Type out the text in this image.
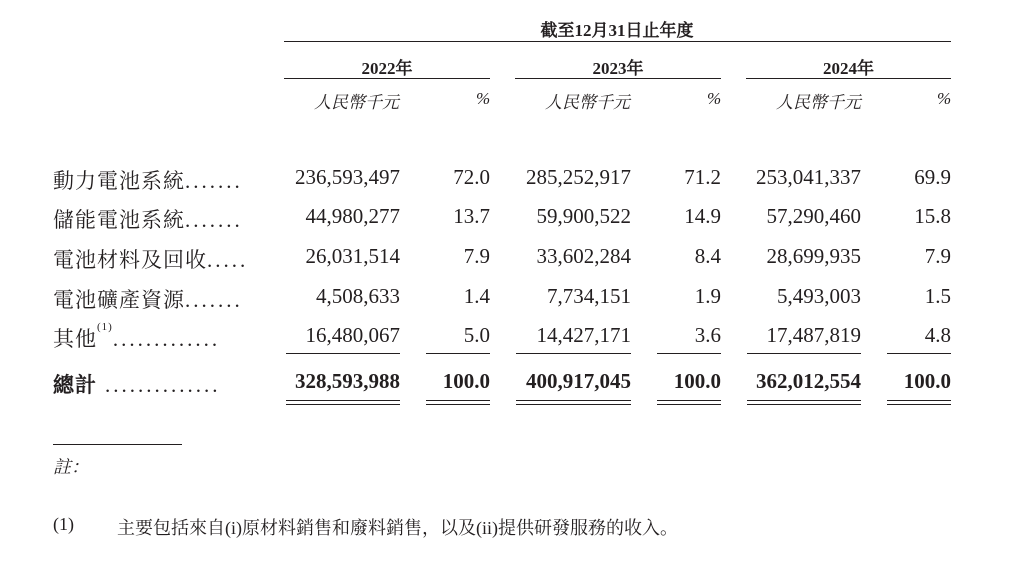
截至12月31日止年度
2022年	2023年	2024年
人民幣千元	%	人民幣千元	%	人民幣千元	%
動力電池系統.......	236,593,497	72.0	285,252,917	71.2	253,041,337	69.9
儲能電池系統.......	44,980,277	13.7	59,900,522	14.9	57,290,460	15.8
電池材料及回收.....	26,031,514	7.9	33,602,284	8.4	28,699,935	7.9
電池礦產資源.......	4,508,633	1.4	7,734,151	1.9	5,493,003	1.5
其他$^{(1)}$.............	16,480,067	5.0	14,427,171	3.6	17,487,819	4.8
總計 ..............	328,593,988	100.0	400,917,045	100.0	362,012,554	100.0
註：
(1) 主要包括來自(i)原材料銷售和廢料銷售，以及(ii)提供研發服務的收入。
